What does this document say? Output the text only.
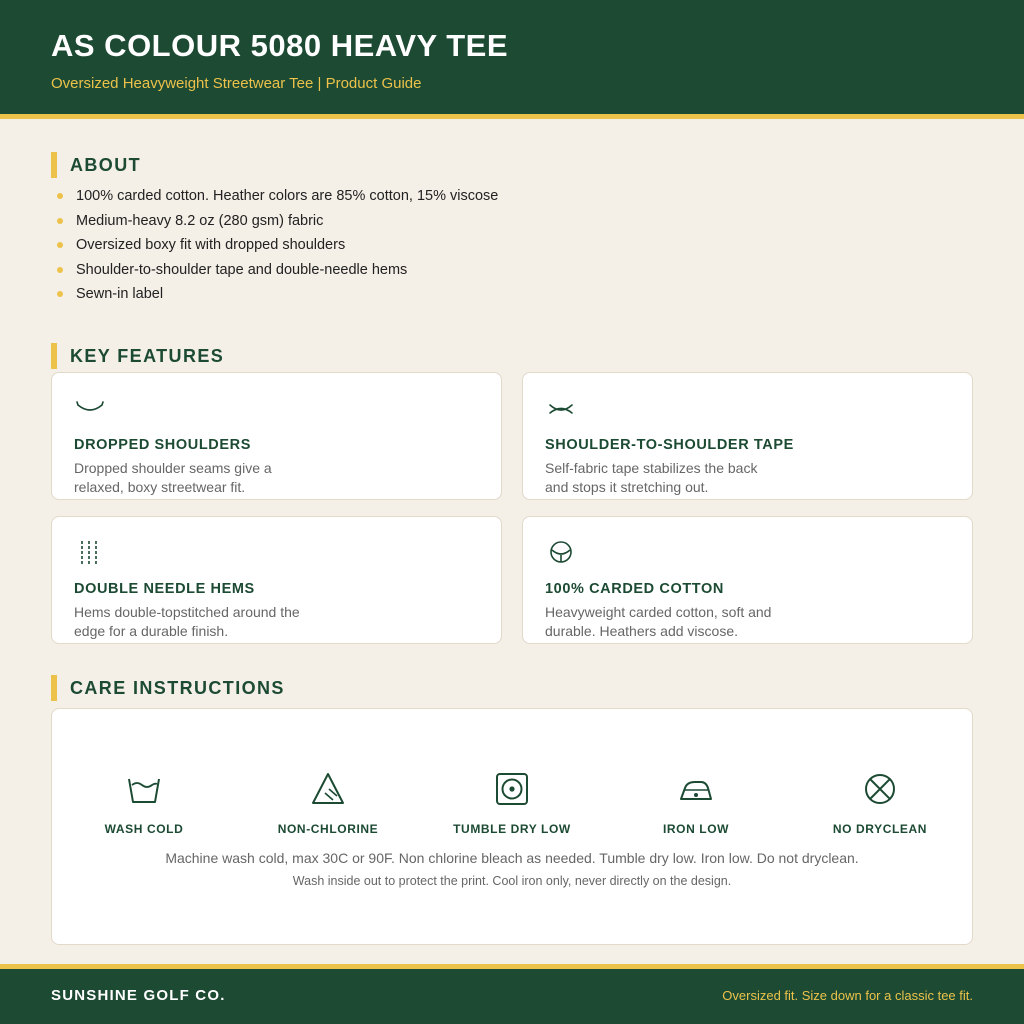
AS COLOUR 5080 HEAVY TEE
Oversized Heavyweight Streetwear Tee | Product Guide
ABOUT
100% carded cotton. Heather colors are 85% cotton, 15% viscose
Medium-heavy 8.2 oz (280 gsm) fabric
Oversized boxy fit with dropped shoulders
Shoulder-to-shoulder tape and double-needle hems
Sewn-in label
KEY FEATURES
DROPPED SHOULDERS
Dropped shoulder seams give a relaxed, boxy streetwear fit.
SHOULDER-TO-SHOULDER TAPE
Self-fabric tape stabilizes the back and stops it stretching out.
DOUBLE NEEDLE HEMS
Hems double-topstitched around the edge for a durable finish.
100% CARDED COTTON
Heavyweight carded cotton, soft and durable. Heathers add viscose.
CARE INSTRUCTIONS
WASH COLD	NON-CHLORINE	TUMBLE DRY LOW	IRON LOW	NO DRYCLEAN
Machine wash cold, max 30C or 90F. Non chlorine bleach as needed. Tumble dry low. Iron low. Do not dryclean.
Wash inside out to protect the print. Cool iron only, never directly on the design.
SUNSHINE GOLF CO.	Oversized fit. Size down for a classic tee fit.
